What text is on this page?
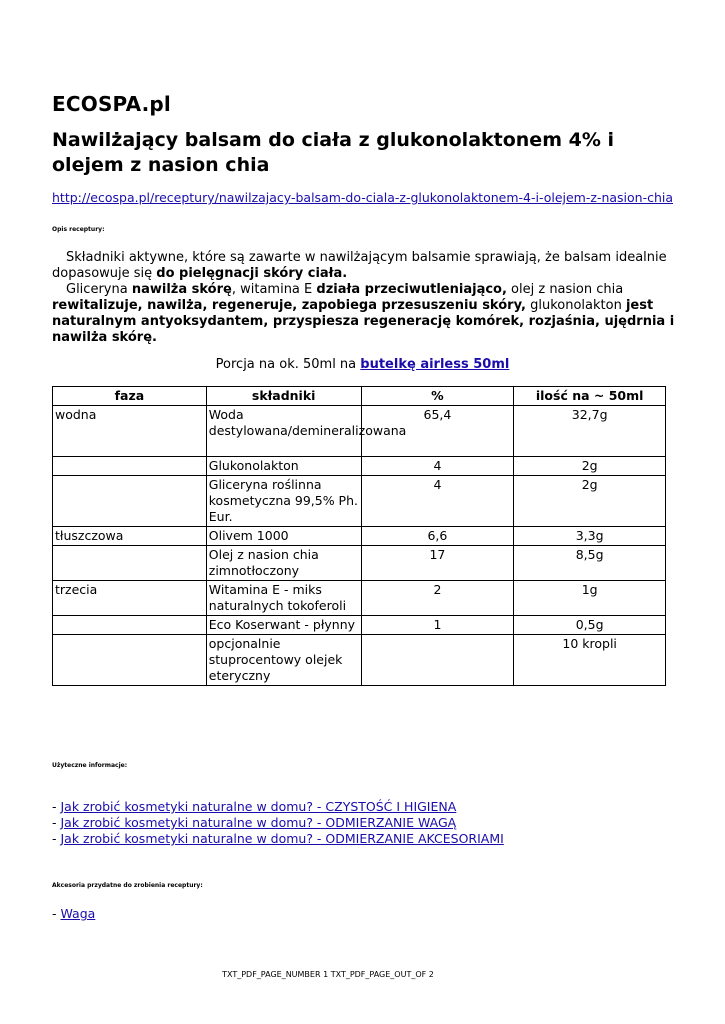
ECOSPA.pl
Nawilżający balsam do ciała z glukonolaktonem 4% i olejem z nasion chia
http://ecospa.pl/receptury/nawilzajacy-balsam-do-ciala-z-glukonolaktonem-4-i-olejem-z-nasion-chia
Opis receptury:

Składniki aktywne, które są zawarte w nawilżającym balsamie sprawiają, że balsam idealnie dopasowuje się do pielęgnacji skóry ciała.

Gliceryna nawilża skórę, witamina E działa przeciwutleniająco, olej z nasion chia rewitalizuje, nawilża, regeneruje, zapobiega przesuszeniu skóry, glukonolakton jest naturalnym antyoksydantem, przyspiesza regenerację komórek, rozjaśnia, ujędrnia i nawilża skórę.

Porcja na ok. 50ml na butelkę airless 50ml
faza	składniki	%	ilość na ~ 50ml
wodna	Woda destylowana/demineralizowana	65,4	32,7g
	Glukonolakton	4	2g
	Gliceryna roślinna kosmetyczna 99,5% Ph. Eur.	4	2g
tłuszczowa	Olivem 1000	6,6	3,3g
	Olej z nasion chia zimnotłoczony	17	8,5g
trzecia	Witamina E - miks naturalnych tokoferoli	2	1g
	Eco Koserwant - płynny	1	0,5g
	opcjonalnie stuprocentowy olejek eteryczny		10 kropli
Użyteczne informacje:
- Jak zrobić kosmetyki naturalne w domu? - CZYSTOŚĆ I HIGIENA
- Jak zrobić kosmetyki naturalne w domu? - ODMIERZANIE WAGĄ
- Jak zrobić kosmetyki naturalne w domu? - ODMIERZANIE AKCESORIAMI
Akcesoria przydatne do zrobienia receptury:
- Waga
TXT_PDF_PAGE_NUMBER 1 TXT_PDF_PAGE_OUT_OF 2
